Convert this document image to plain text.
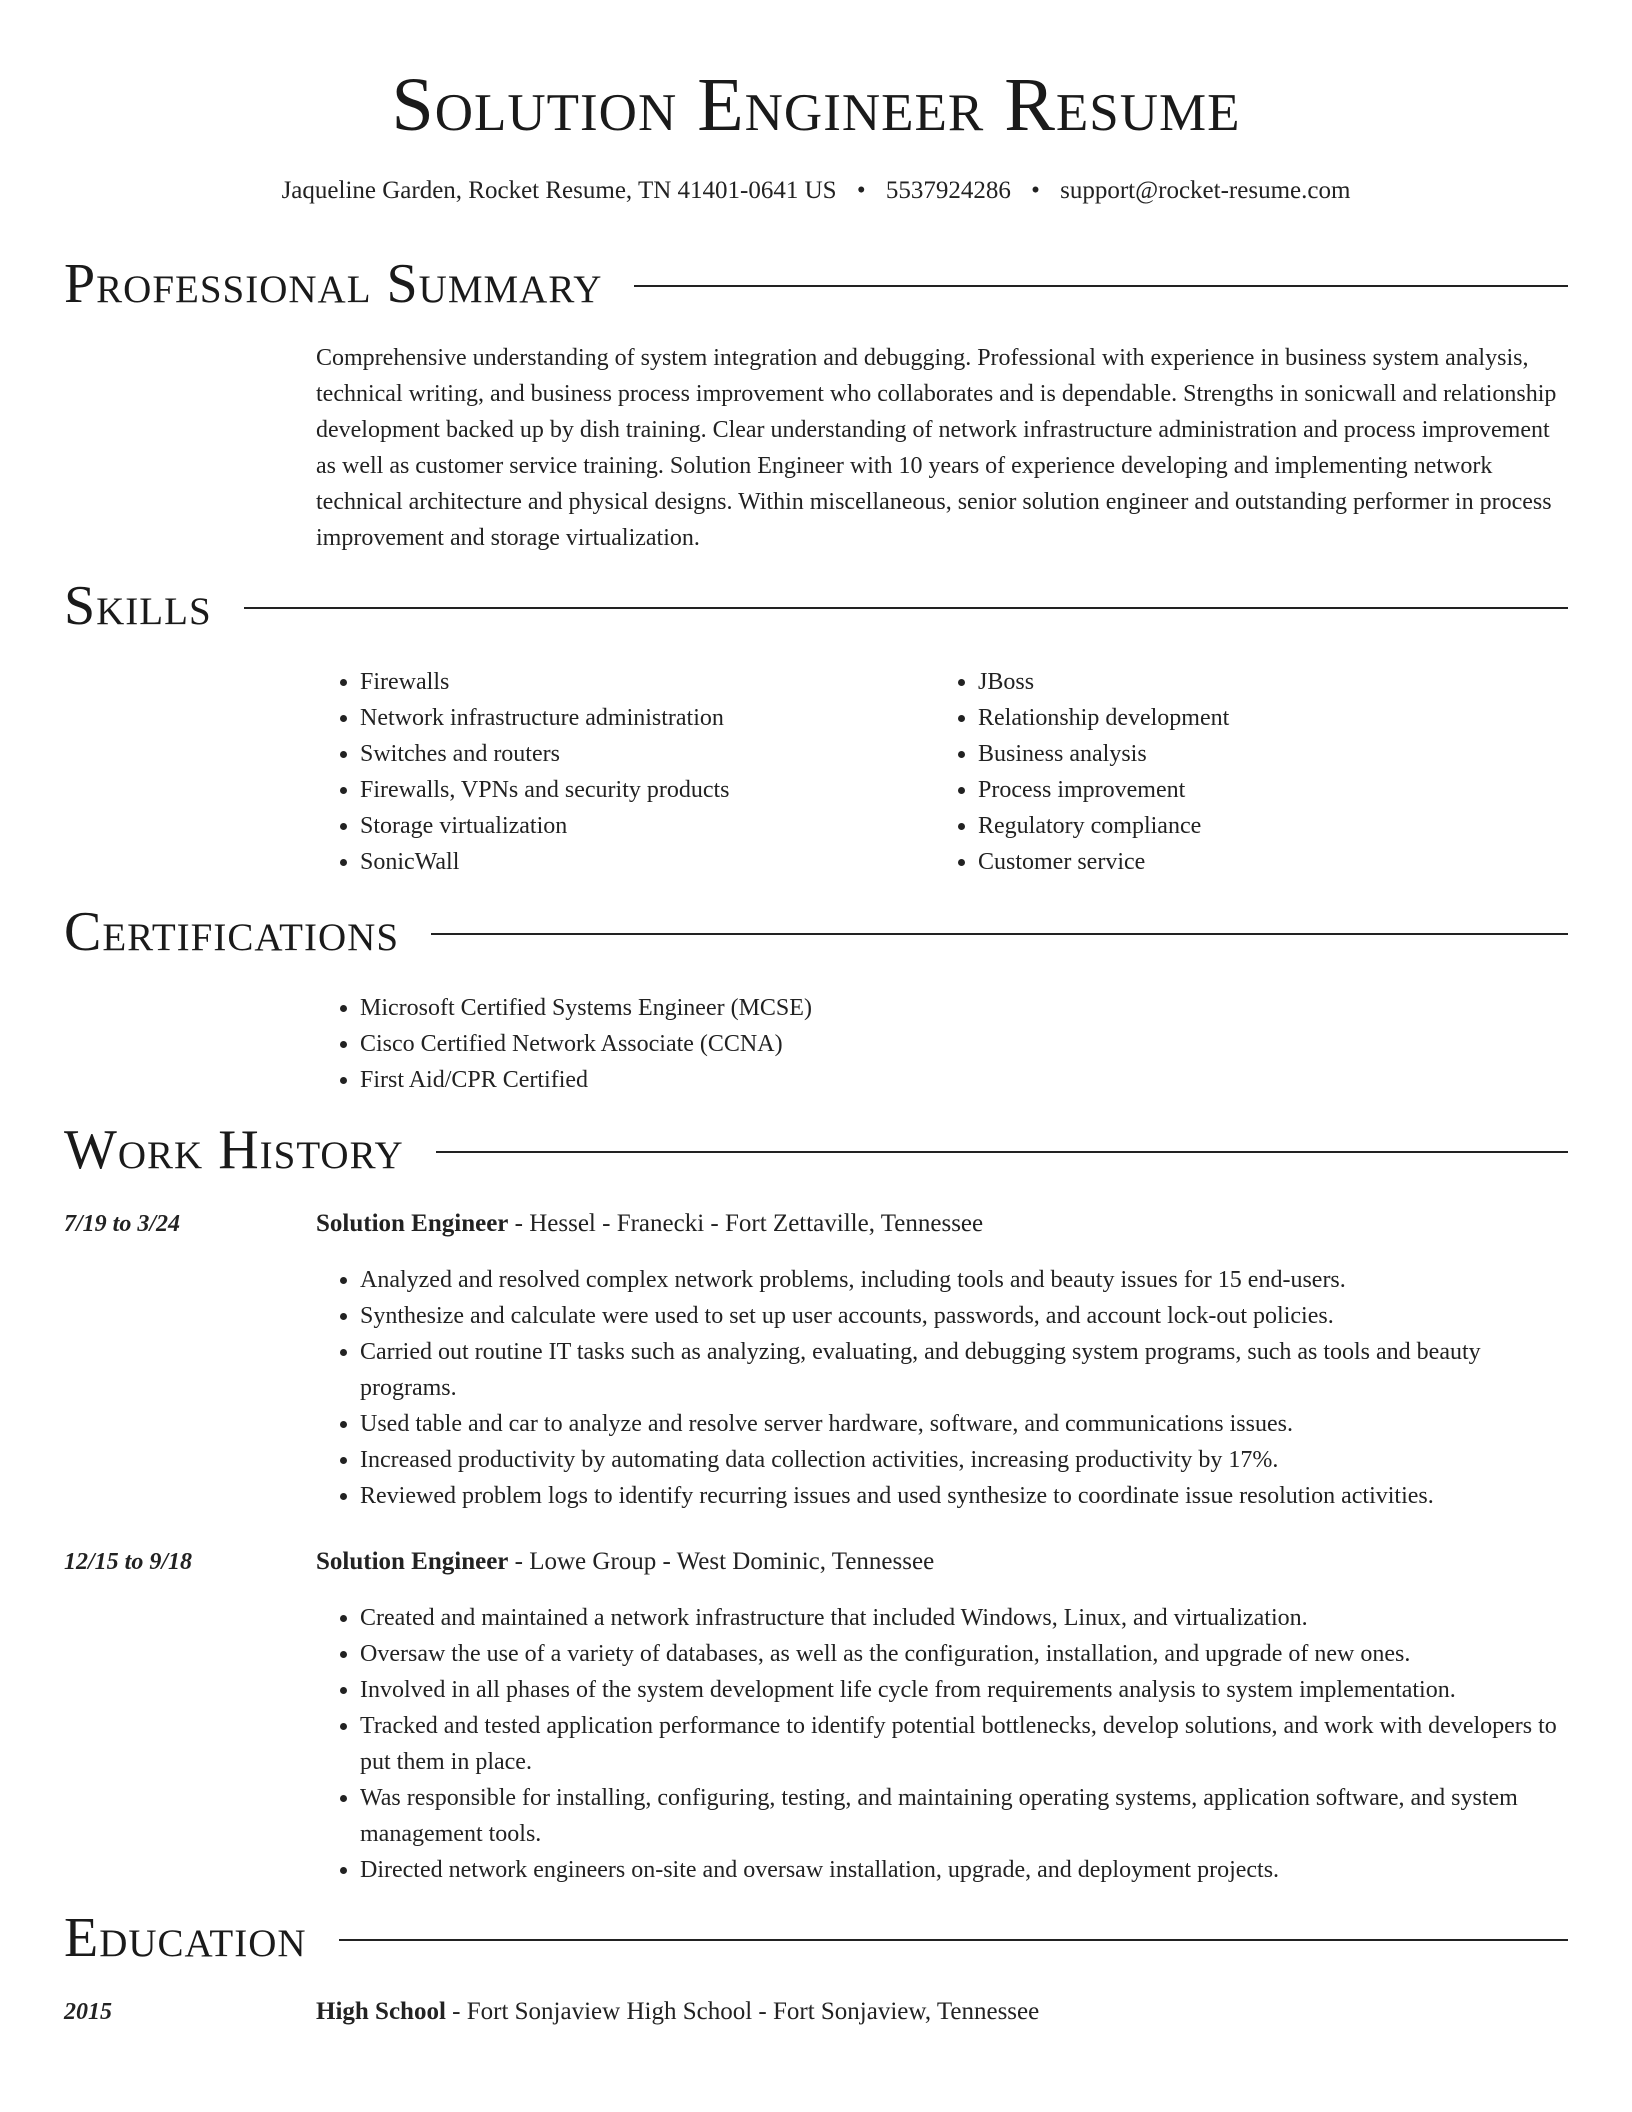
Solution Engineer Resume
Jaqueline Garden, Rocket Resume, TN 41401-0641 US • 5537924286 • support@rocket-resume.com
Professional Summary
Comprehensive understanding of system integration and debugging. Professional with experience in business system analysis, technical writing, and business process improvement who collaborates and is dependable. Strengths in sonicwall and relationship development backed up by dish training. Clear understanding of network infrastructure administration and process improvement as well as customer service training. Solution Engineer with 10 years of experience developing and implementing network technical architecture and physical designs. Within miscellaneous, senior solution engineer and outstanding performer in process improvement and storage virtualization.
Skills
• Firewalls
• Network infrastructure administration
• Switches and routers
• Firewalls, VPNs and security products
• Storage virtualization
• SonicWall
• JBoss
• Relationship development
• Business analysis
• Process improvement
• Regulatory compliance
• Customer service
Certifications
• Microsoft Certified Systems Engineer (MCSE)
• Cisco Certified Network Associate (CCNA)
• First Aid/CPR Certified
Work History
7/19 to 3/24	Solution Engineer - Hessel - Franecki - Fort Zettaville, Tennessee
• Analyzed and resolved complex network problems, including tools and beauty issues for 15 end-users.
• Synthesize and calculate were used to set up user accounts, passwords, and account lock-out policies.
• Carried out routine IT tasks such as analyzing, evaluating, and debugging system programs, such as tools and beauty programs.
• Used table and car to analyze and resolve server hardware, software, and communications issues.
• Increased productivity by automating data collection activities, increasing productivity by 17%.
• Reviewed problem logs to identify recurring issues and used synthesize to coordinate issue resolution activities.
12/15 to 9/18	Solution Engineer - Lowe Group - West Dominic, Tennessee
• Created and maintained a network infrastructure that included Windows, Linux, and virtualization.
• Oversaw the use of a variety of databases, as well as the configuration, installation, and upgrade of new ones.
• Involved in all phases of the system development life cycle from requirements analysis to system implementation.
• Tracked and tested application performance to identify potential bottlenecks, develop solutions, and work with developers to put them in place.
• Was responsible for installing, configuring, testing, and maintaining operating systems, application software, and system management tools.
• Directed network engineers on-site and oversaw installation, upgrade, and deployment projects.
Education
2015	High School - Fort Sonjaview High School - Fort Sonjaview, Tennessee
